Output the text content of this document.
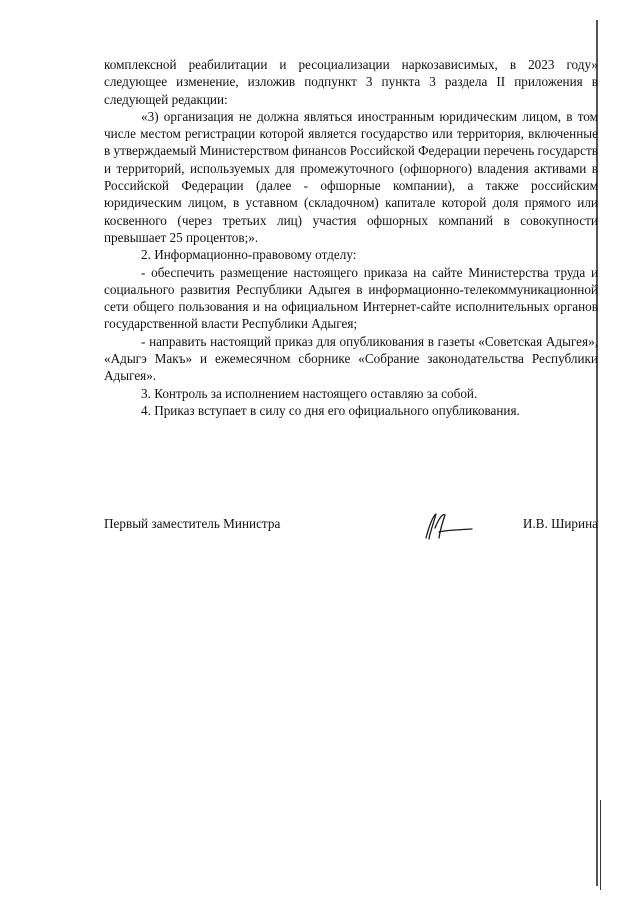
комплексной реабилитации и ресоциализации наркозависимых, в 2023 году» следующее изменение, изложив подпункт 3 пункта 3 раздела II приложения в следующей редакции:

«3) организация не должна являться иностранным юридическим лицом, в том числе местом регистрации которой является государство или территория, включенные в утверждаемый Министерством финансов Российской Федерации перечень государств и территорий, используемых для промежуточного (офшорного) владения активами в Российской Федерации (далее - офшорные компании), а также российским юридическим лицом, в уставном (складочном) капитале которой доля прямого или косвенного (через третьих лиц) участия офшорных компаний в совокупности превышает 25 процентов;».

2. Информационно-правовому отделу:

- обеспечить размещение настоящего приказа на сайте Министерства труда и социального развития Республики Адыгея в информационно-телекоммуникационной сети общего пользования и на официальном Интернет-сайте исполнительных органов государственной власти Республики Адыгея;

- направить настоящий приказ для опубликования в газеты «Советская Адыгея», «Адыгэ Макъ» и ежемесячном сборнике «Собрание законодательства Республики Адыгея».

3. Контроль за исполнением настоящего оставляю за собой.

4. Приказ вступает в силу со дня его официального опубликования.

Первый заместитель Министра	И.В. Ширина
